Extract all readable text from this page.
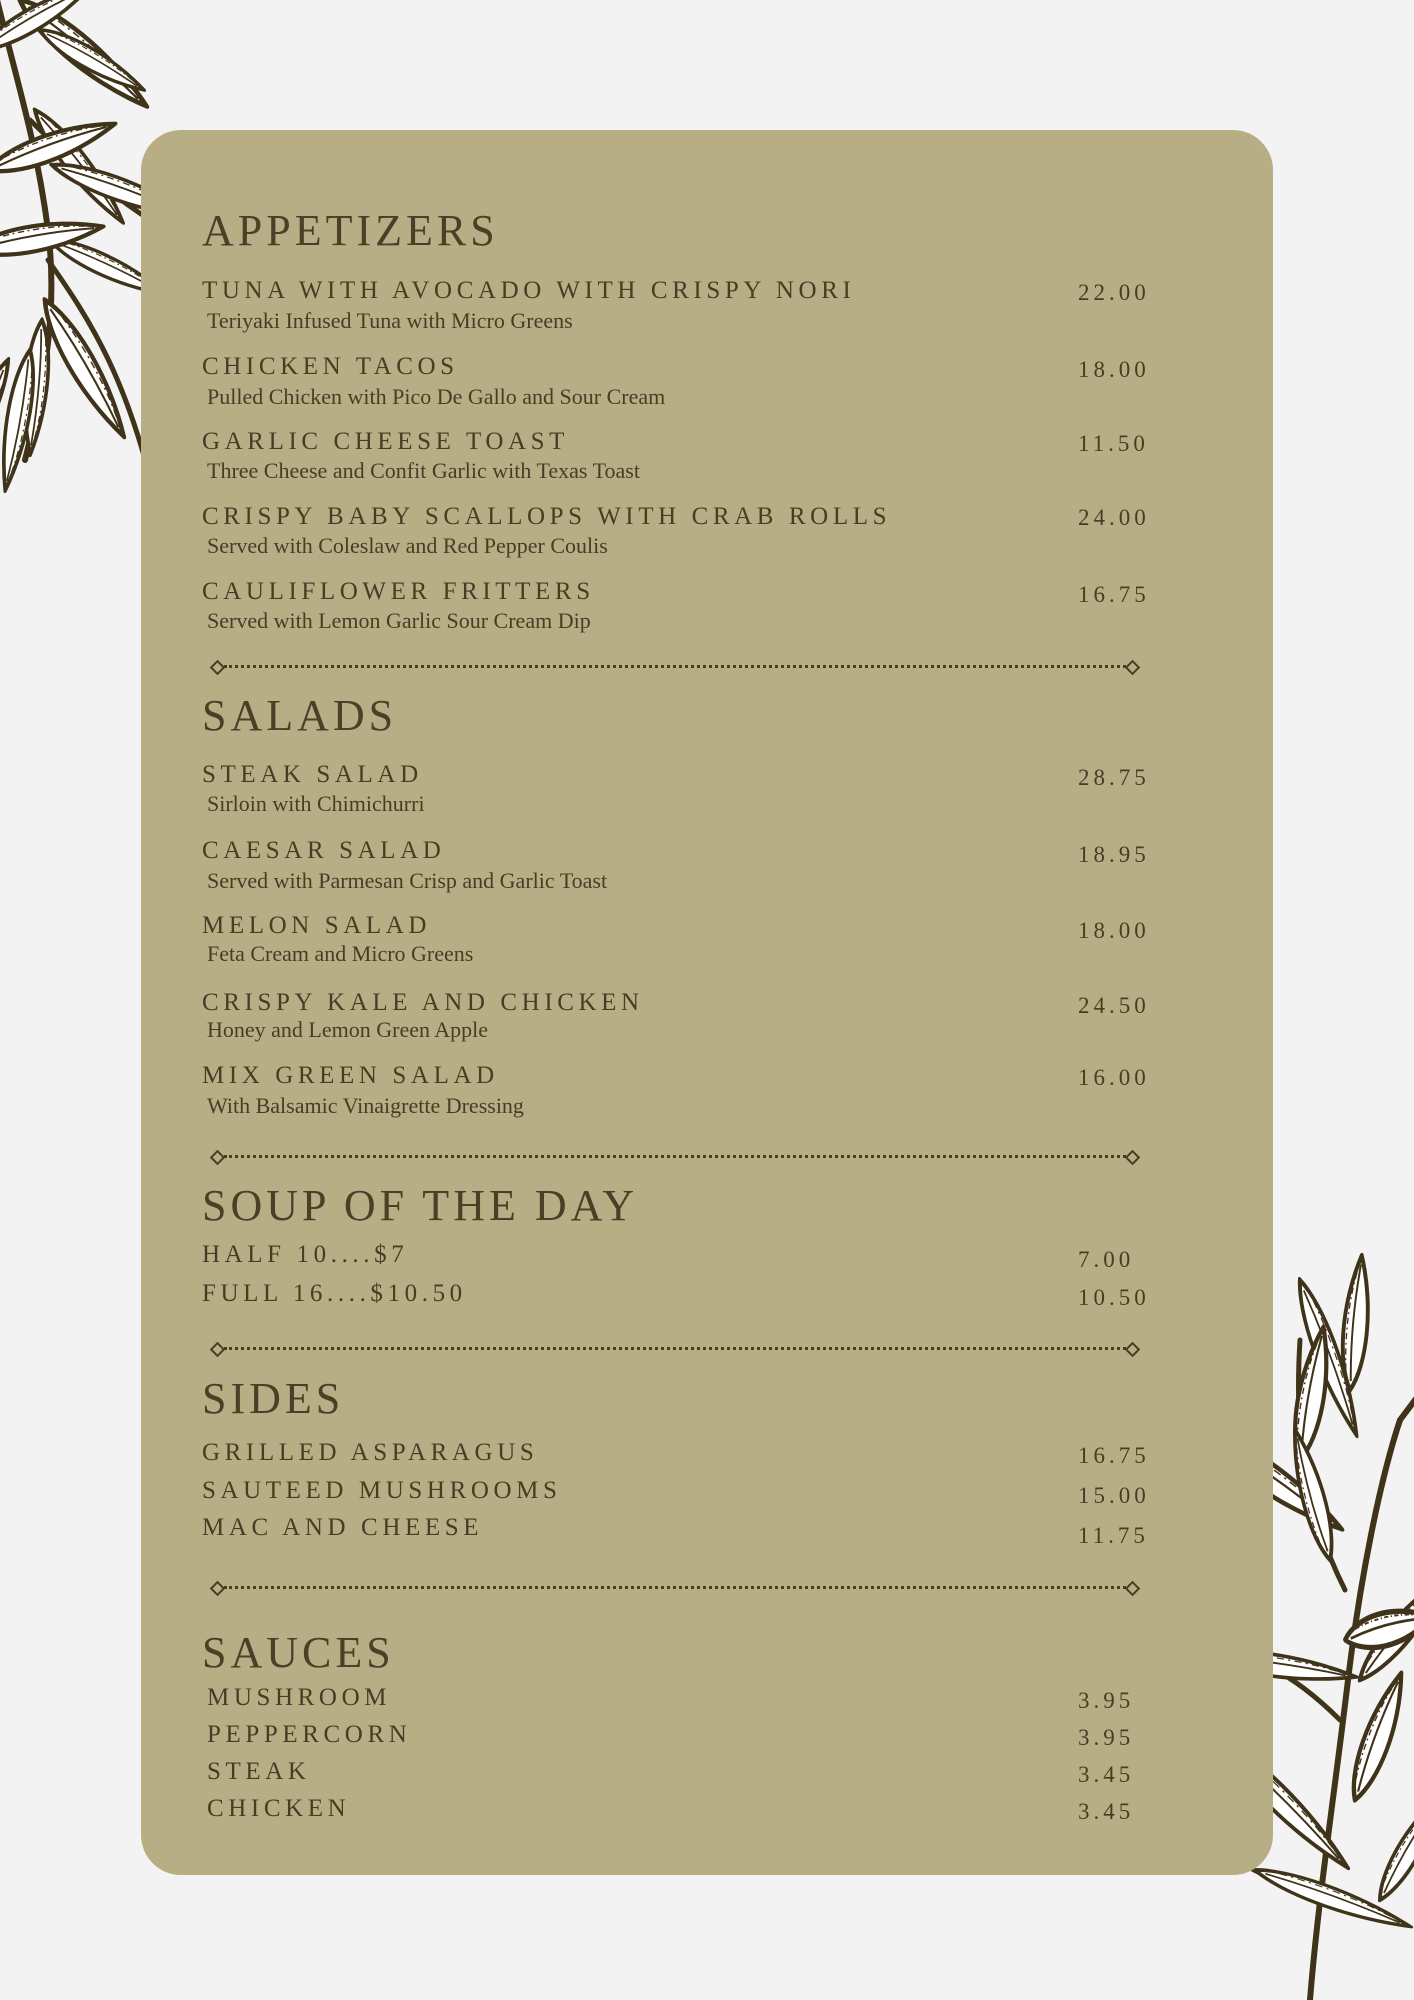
APPETIZERS
TUNA WITH AVOCADO WITH CRISPY NORI
Teriyaki Infused Tuna with Micro Greens
22.00
CHICKEN TACOS
Pulled Chicken with Pico De Gallo and Sour Cream
18.00
GARLIC CHEESE TOAST
Three Cheese and Confit Garlic with Texas Toast
11.50
CRISPY BABY SCALLOPS WITH CRAB ROLLS
Served with Coleslaw and Red Pepper Coulis
24.00
CAULIFLOWER FRITTERS
Served with Lemon Garlic Sour Cream Dip
16.75
SALADS
STEAK SALAD
Sirloin with Chimichurri
28.75
CAESAR SALAD
Served with Parmesan Crisp and Garlic Toast
18.95
MELON SALAD
Feta Cream and Micro Greens
18.00
CRISPY KALE AND CHICKEN
Honey and Lemon Green Apple
24.50
MIX GREEN SALAD
With Balsamic Vinaigrette Dressing
16.00
SOUP OF THE DAY
HALF 10....$7	7.00
FULL 16....$10.50	10.50
SIDES
GRILLED ASPARAGUS	16.75
SAUTEED MUSHROOMS	15.00
MAC AND CHEESE	11.75
SAUCES
MUSHROOM	3.95
PEPPERCORN	3.95
STEAK	3.45
CHICKEN	3.45
